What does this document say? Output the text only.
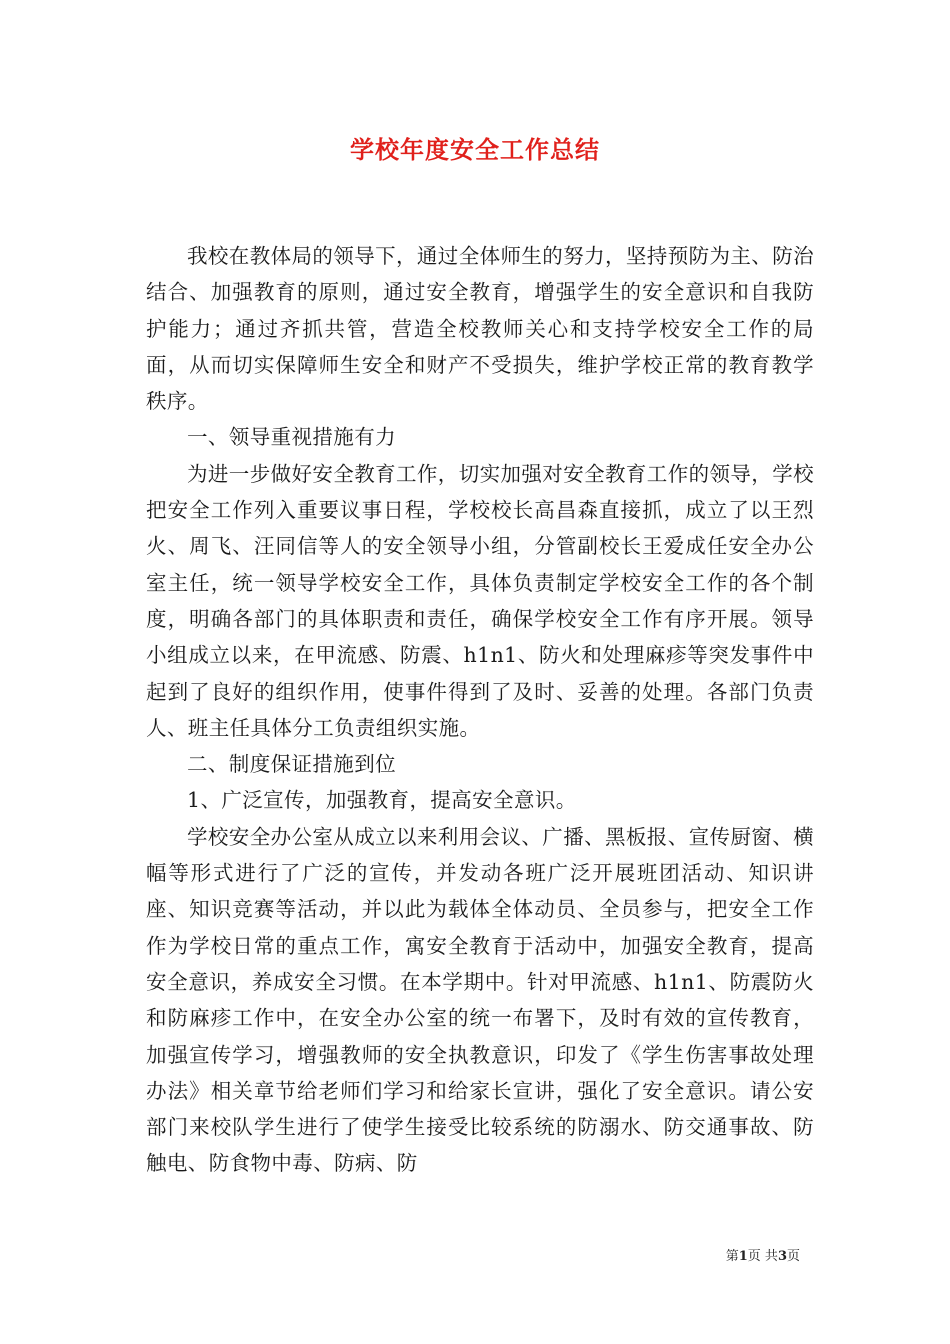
学校年度安全工作总结

我校在教体局的领导下，通过全体师生的努力，坚持预防为主、防治结合、加强教育的原则，通过安全教育，增强学生的安全意识和自我防护能力；通过齐抓共管，营造全校教师关心和支持学校安全工作的局面，从而切实保障师生安全和财产不受损失，维护学校正常的教育教学秩序。

一、领导重视措施有力

为进一步做好安全教育工作，切实加强对安全教育工作的领导，学校把安全工作列入重要议事日程，学校校长高昌森直接抓，成立了以王烈火、周飞、汪同信等人的安全领导小组，分管副校长王爱成任安全办公室主任，统一领导学校安全工作，具体负责制定学校安全工作的各个制度，明确各部门的具体职责和责任，确保学校安全工作有序开展。领导小组成立以来，在甲流感、防震、h1n1、防火和处理麻疹等突发事件中起到了良好的组织作用，使事件得到了及时、妥善的处理。各部门负责人、班主任具体分工负责组织实施。

二、制度保证措施到位

1、广泛宣传，加强教育，提高安全意识。

学校安全办公室从成立以来利用会议、广播、黑板报、宣传厨窗、横幅等形式进行了广泛的宣传，并发动各班广泛开展班团活动、知识讲座、知识竞赛等活动，并以此为载体全体动员、全员参与，把安全工作作为学校日常的重点工作，寓安全教育于活动中，加强安全教育，提高安全意识，养成安全习惯。在本学期中。针对甲流感、h1n1、防震防火和防麻疹工作中，在安全办公室的统一布署下，及时有效的宣传教育，加强宣传学习，增强教师的安全执教意识，印发了《学生伤害事故处理办法》相关章节给老师们学习和给家长宣讲，强化了安全意识。请公安部门来校队学生进行了使学生接受比较系统的防溺水、防交通事故、防触电、防食物中毒、防病、防

第1页 共3页
